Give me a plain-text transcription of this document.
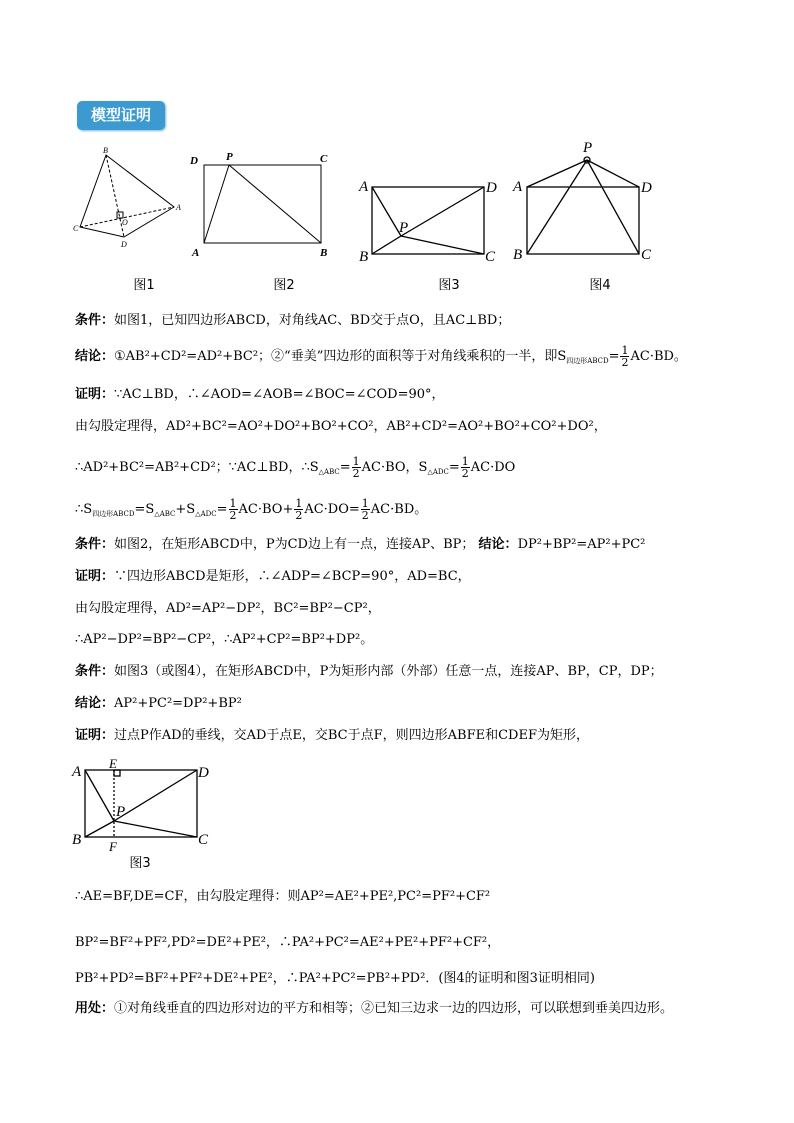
模型证明
B
A
C
D
O
D	P	C
A	B
A	D
P
B	C
P
A	D
B	C
图1	图2	图3	图4
条件：如图1，已知四边形ABCD，对角线AC、BD交于点O，且AC⊥BD；
结论：①AB²+CD²=AD²+BC²；②“垂美”四边形的面积等于对角线乘积的一半，即$S_{四边形ABCD}= \frac{1}{2} AC\cdot BD$。
证明：∵AC⊥BD，∴∠AOD=∠AOB=∠BOC=∠COD=90°，
由勾股定理得，AD²+BC²=AO²+DO²+BO²+CO²，AB²+CD²=AO²+BO²+CO²+DO²，
∴AD²+BC²=AB²+CD²；∵AC⊥BD，$\therefore S_{\triangle ABC}= \frac{1}{2} AC\cdot BO$，$S_{\triangle ADC}= \frac{1}{2} AC\cdot DO$
$\therefore S_{四边形ABCD}=S_{\triangle ABC}+S_{\triangle ADC}= \frac{1}{2} AC\cdot BO+ \frac{1}{2} AC\cdot DO= \frac{1}{2} AC\cdot BD$。
条件：如图2，在矩形ABCD中，P为CD边上有一点，连接AP、BP； 结论：DP²+BP²=AP²+PC²
证明：∵四边形ABCD是矩形，∴∠ADP=∠BCP=90°，AD=BC，
由勾股定理得，AD²=AP²−DP²，BC²=BP²−CP²，
∴AP²−DP²=BP²−CP²，∴AP²+CP²=BP²+DP²。
条件：如图3（或图4），在矩形ABCD中，P为矩形内部（外部）任意一点，连接AP、BP，CP，DP；
结论：AP²+PC²=DP²+BP²
证明：过点P作AD的垂线，交AD于点E，交BC于点F，则四边形ABFE和CDEF为矩形，
A
E
D
P
B	C
F
图3
∴AE=BF,DE=CF，由勾股定理得：则AP²=AE²+PE²,PC²=PF²+CF²
BP²=BF²+PF²,PD²=DE²+PE²，∴PA²+PC²=AE²+PE²+PF²+CF²，
PB²+PD²=BF²+PF²+DE²+PE²，∴PA²+PC²=PB²+PD²．(图4的证明和图3证明相同)
用处：①对角线垂直的四边形对边的平方和相等；②已知三边求一边的四边形，可以联想到垂美四边形。
